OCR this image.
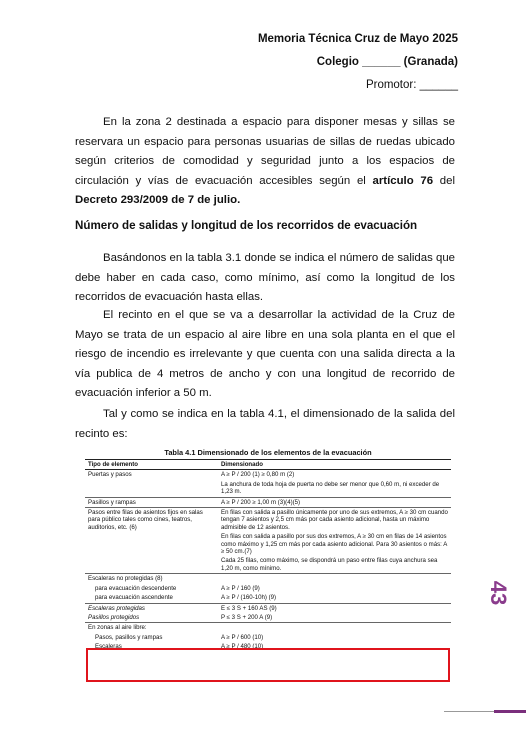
Memoria Técnica Cruz de Mayo 2025
Colegio ______ (Granada)
Promotor: ______

En la zona 2 destinada a espacio para disponer mesas y sillas se reservara un espacio para personas usuarias de sillas de ruedas ubicado según criterios de comodidad y seguridad junto a los espacios de circulación y vías de evacuación accesibles según el artículo 76 del Decreto 293/2009 de 7 de julio.

Número de salidas y longitud de los recorridos de evacuación

Basándonos en la tabla 3.1 donde se indica el número de salidas que debe haber en cada caso, como mínimo, así como la longitud de los recorridos de evacuación hasta ellas.

El recinto en el que se va a desarrollar la actividad de la Cruz de Mayo se trata de un espacio al aire libre en una sola planta en el que el riesgo de incendio es irrelevante y que cuenta con una salida directa a la vía publica de 4 metros de ancho y con una longitud de recorrido de evacuación inferior a 50 m.

Tal y como se indica en la tabla 4.1, el dimensionado de la salida del recinto es:

Tabla 4.1 Dimensionado de los elementos de la evacuación
Tipo de elemento	Dimensionado
Puertas y pasos	A ≥ P / 200 (1) ≥ 0,80 m (2)
	La anchura de toda hoja de puerta no debe ser menor que 0,60 m, ni exceder de 1,23 m.
Pasillos y rampas	A ≥ P / 200 ≥ 1,00 m (3)(4)(5)
Pasos entre filas de asientos fijos en salas para público tales como cines, teatros, auditorios, etc. (6)	En filas con salida a pasillo únicamente por uno de sus extremos, A ≥ 30 cm cuando tengan 7 asientos y 2,5 cm más por cada asiento adicional, hasta un máximo admisible de 12 asientos.
	En filas con salida a pasillo por sus dos extremos, A ≥ 30 cm en filas de 14 asientos como máximo y 1,25 cm más por cada asiento adicional. Para 30 asientos o más: A ≥ 50 cm.(7)
	Cada 25 filas, como máximo, se dispondrá un paso entre filas cuya anchura sea 1,20 m, como mínimo.
Escaleras no protegidas (8)	
para evacuación descendente	A ≥ P / 160 (9)
para evacuación ascendente	A ≥ P / (160-10h) (9)
Escaleras protegidas	E ≤ 3 S + 160 AS (9)
Pasillos protegidos	P ≤ 3 S + 200 A (9)
En zonas al aire libre:	
Pasos, pasillos y rampas	A ≥ P / 600 (10)
Escaleras	A ≥ P / 480 (10)
43
